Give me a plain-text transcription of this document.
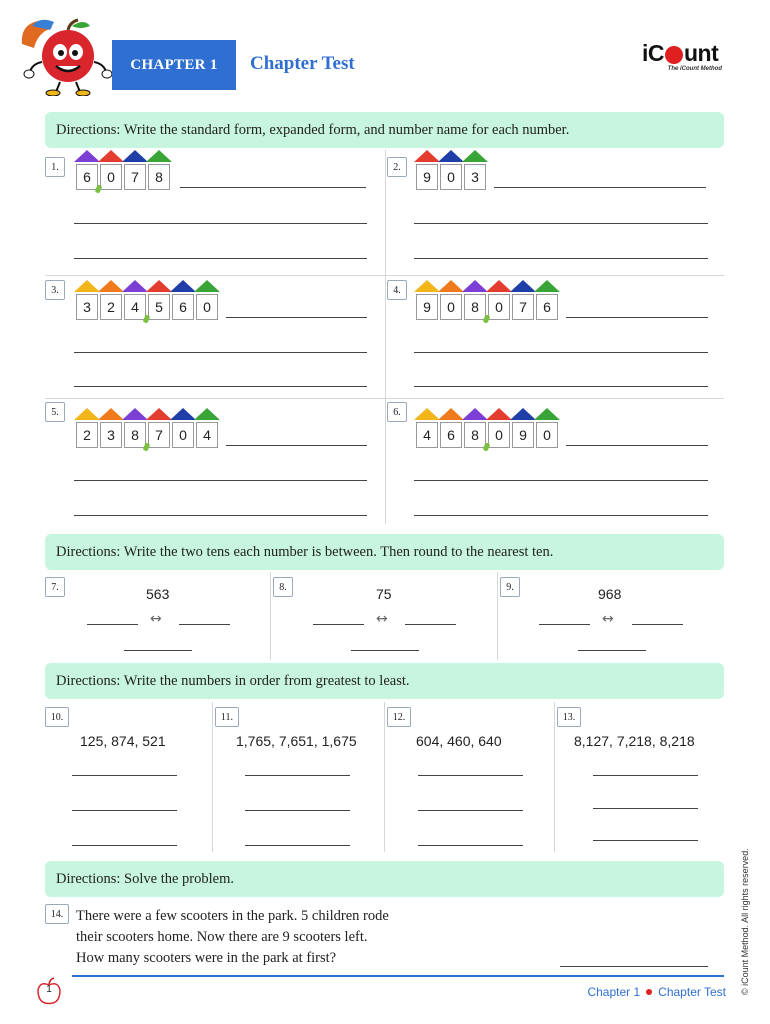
CHAPTER 1	Chapter Test	iC unt
The iCount Method
Directions: Write the standard form, expanded form, and number name for each number.
1.
6	0	7	8
2.
9	0	3
3.
3	2	4	5	6	0
4.
9	0	8	0	7	6
5.
2	3	8	7	0	4
6.
4	6	8	0	9	0
Directions: Write the two tens each number is between. Then round to the nearest ten.
7.	563
↔
8.	75
↔
9.	968
↔
Directions: Write the numbers in order from greatest to least.
10.
125, 874, 521
11.
1,765, 7,651, 1,675
12.
604, 460, 640
13.
8,127, 7,218, 8,218
Directions: Solve the problem.
14. There were a few scooters in the park. 5 children rode their scooters home. Now there are 9 scooters left. How many scooters were in the park at first?
1	Chapter 1 Chapter Test © iCount Method. All rights reserved.
